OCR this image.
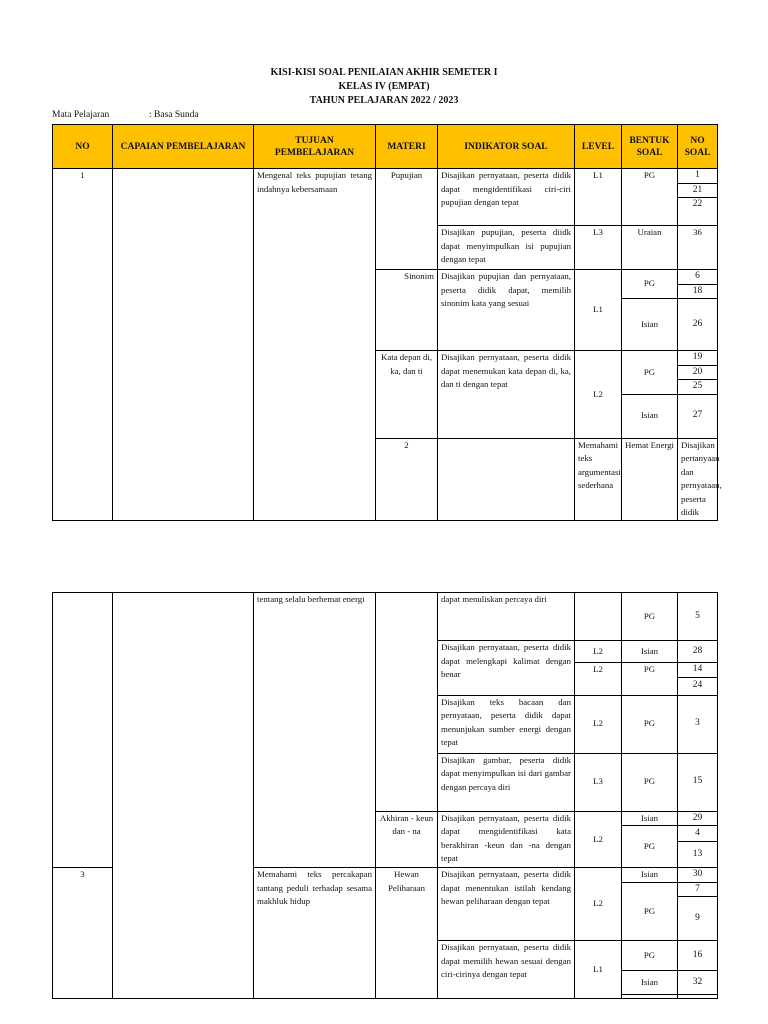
KISI-KISI SOAL PENILAIAN AKHIR SEMETER I
KELAS IV (EMPAT)
TAHUN PELAJARAN 2022 / 2023
Mata Pelajaran	: Basa Sunda
NO	CAPAIAN PEMBELAJARAN	TUJUAN PEMBELAJARAN	MATERI	INDIKATOR SOAL	LEVEL	BENTUK SOAL	NO SOAL	
1		Mengenal teks pupujian tetang indahnya kebersamaan	Pupujian	Disajikan pernyataan, peserta didik dapat mengidentifikasi ciri-ciri pupujian dengan tepat	L1	PG	1	
							21	
							22	
				Disajikan pupujian, peserta diidk dapat menyimpulkan isi pupujian dengan tepat	L3	Uraian	36	
			Sinonim	Disajikan pupujian dan pernyataan, peserta didik dapat, memilih sinonim kata yang sesuai	L1	PG	6	
							18	
						Isian	26	
			Kata depan di, ka, dan ti	Disajikan pernyataan, peserta didik dapat menemukan kata depan di, ka, dan ti dengan tepat	L2	PG	19	
							20	
							25	
						Isian	27	
			2		Memahami teks argumentasi sederhana	Hemat Energi	Disajikan pertanyaan dan pernyataan, peserta didik			
		tentang selalu berhemat energi		dapat menuliskan percaya diri		PG	5
				Disajikan pernyataan, peserta didik dapat melengkapi kalimat dengan benar	L2	Isian	28
					L2	PG	14
							24
				Disajikan teks bacaan dan pernyataan, peserta didik dapat menunjukan sumber energi dengan tepat	L2	PG	3
				Disajikan gambar, peserta didik dapat menyimpulkan isi dari gambar dengan percaya diri	L3	PG	15
			Akhiran - keun dan - na	Disajikan pernyataan, peserta didik dapat mengidentifikasi kata berakhiran -keun dan -na dengan tepat	L2	Isian	29
						PG	4
							13
3		Memahami teks percakapan tantang peduli terhadap sesama makhluk hidup	Hewan Peliharaan	Disajikan pernyataan, peserta didik dapat menentukan istilah kendang hewan peliharaan dengan tepat	L2	Isian	30
						PG	7
							9
				Disajikan pernyataan, peserta didik dapat memilih hewan sesuai dengan ciri-cirinya dengan tepat	L1	PG	16
						Isian	32
